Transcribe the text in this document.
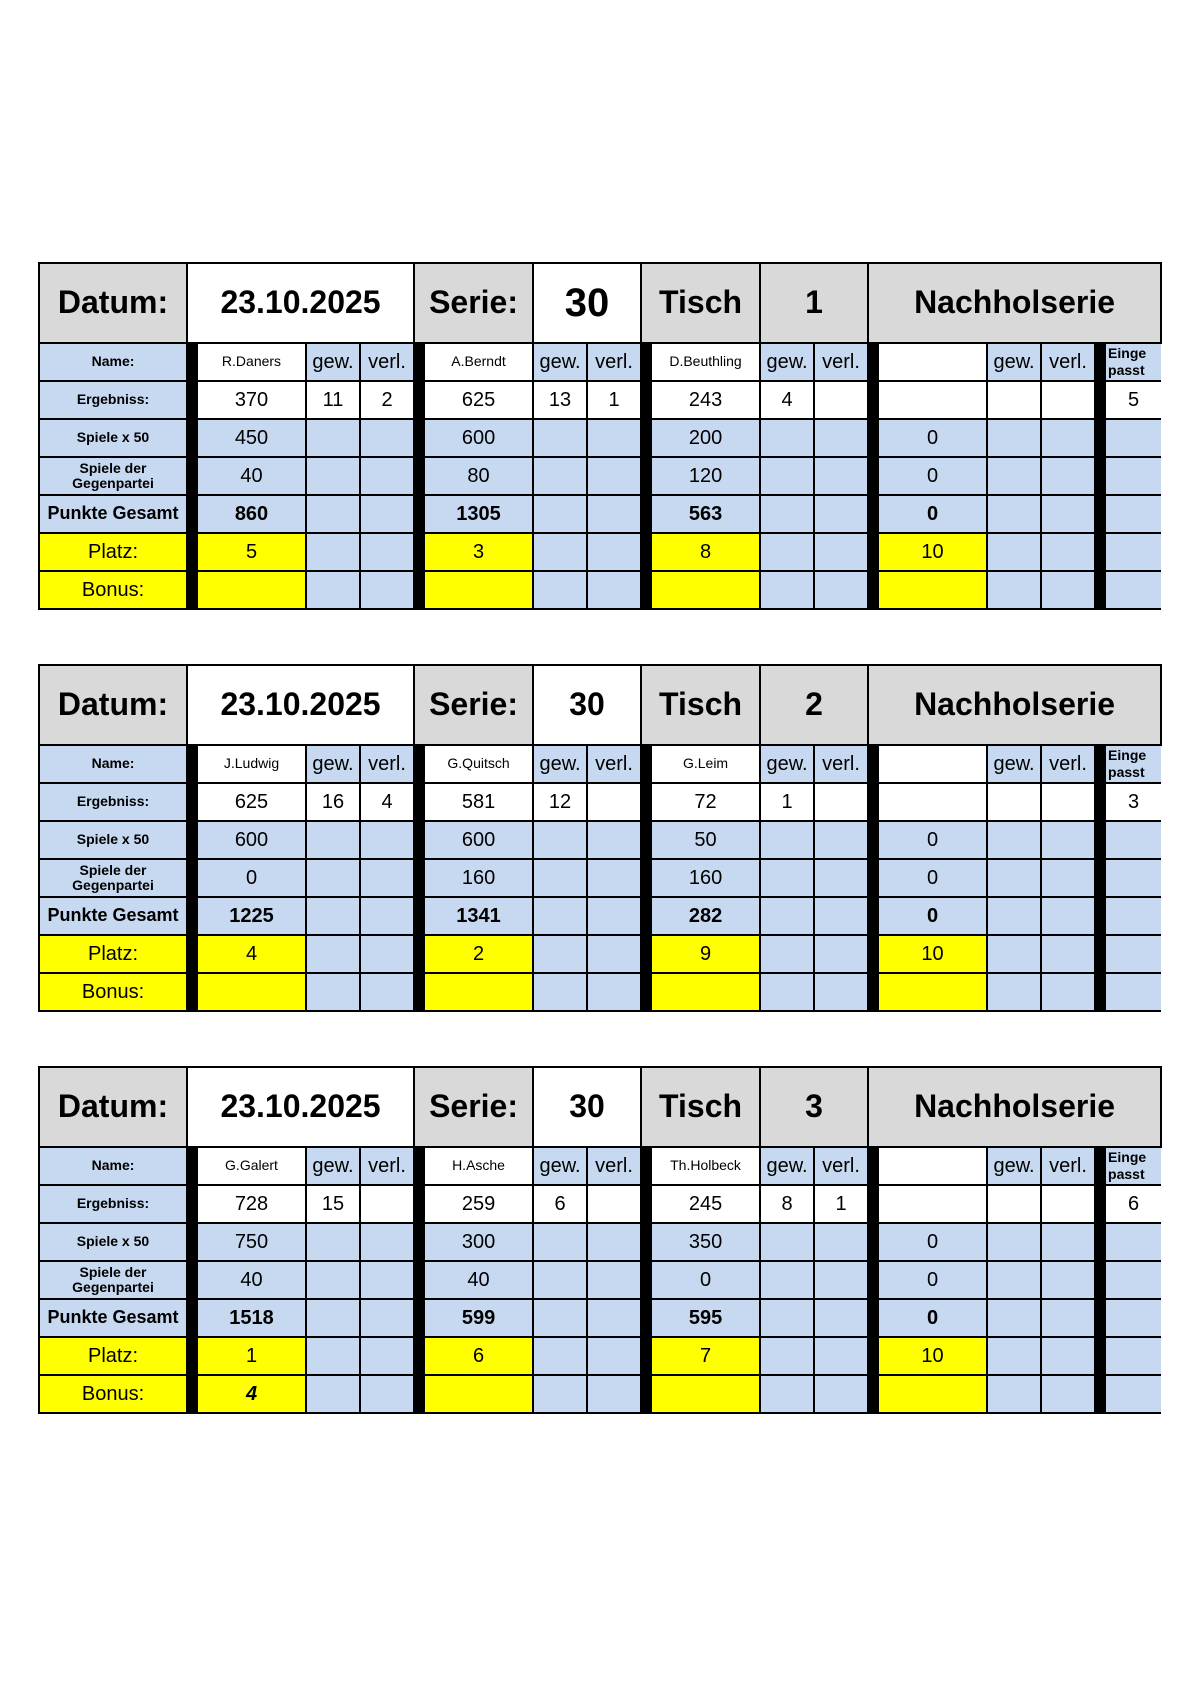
Datum:	23.10.2025				Serie:		30		Tisch		1		Nachholserie					
Name:		R.Daners	gew.	verl.		A.Berndt	gew.	verl.		D.Beuthling	gew.	verl.			gew.	verl.		Einge
passt
Ergebniss:		370	11	2		625	13	1		243	4							5
Spiele x 50		450				600				200				0				
Spiele der
Gegenpartei		40				80				120				0				
Punkte Gesamt		860				1305				563				0				
Platz:		5				3				8				10				
Bonus:																		
Datum:	23.10.2025				Serie:		30		Tisch		2		Nachholserie					
Name:		J.Ludwig	gew.	verl.		G.Quitsch	gew.	verl.		G.Leim	gew.	verl.			gew.	verl.		Einge
passt
Ergebniss:		625	16	4		581	12			72	1							3
Spiele x 50		600				600				50				0				
Spiele der
Gegenpartei		0				160				160				0				
Punkte Gesamt		1225				1341				282				0				
Platz:		4				2				9				10				
Bonus:																		
Datum:	23.10.2025				Serie:		30		Tisch		3		Nachholserie					
Name:		G.Galert	gew.	verl.		H.Asche	gew.	verl.		Th.Holbeck	gew.	verl.			gew.	verl.		Einge
passt
Ergebniss:		728	15			259	6			245	8	1						6
Spiele x 50		750				300				350				0				
Spiele der
Gegenpartei		40				40				0				0				
Punkte Gesamt		1518				599				595				0				
Platz:		1				6				7				10				
Bonus:		4																
